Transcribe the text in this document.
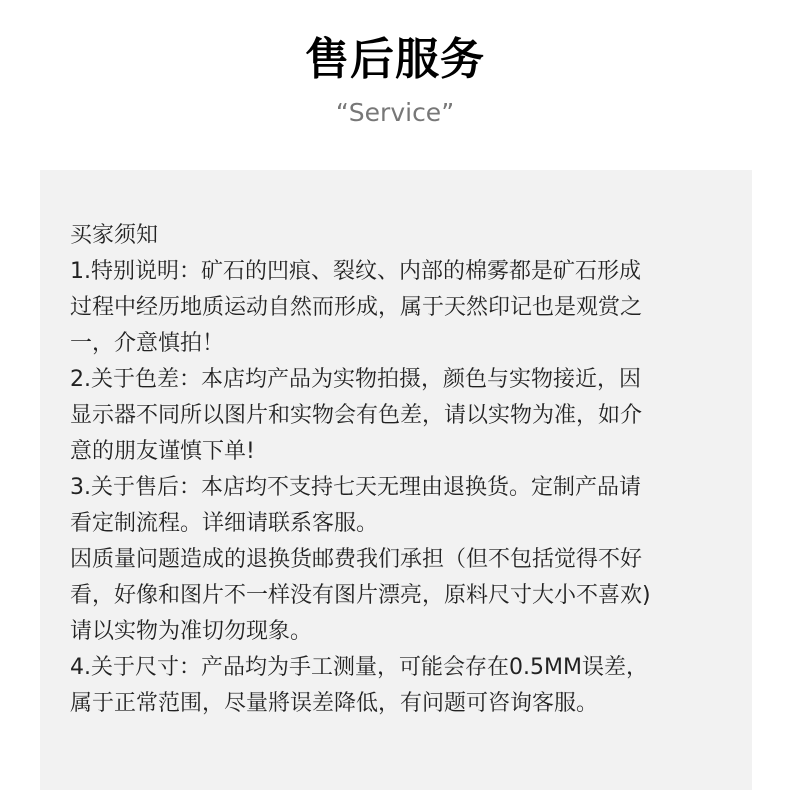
售后服务
“Service”
买家须知
1.特别说明：矿石的凹痕、裂纹、内部的棉雾都是矿石形成
过程中经历地质运动自然而形成，属于天然印记也是观赏之
一，介意慎拍！
2.关于色差：本店均产品为实物拍摄，颜色与实物接近，因
显示器不同所以图片和实物会有色差，请以实物为准，如介
意的朋友谨慎下单!
3.关于售后：本店均不支持七天无理由退换货。定制产品请
看定制流程。详细请联系客服。
因质量问题造成的退换货邮费我们承担（但不包括觉得不好
看，好像和图片不一样没有图片漂亮，原料尺寸大小不喜欢)
请以实物为准切勿现象。
4.关于尺寸：产品均为手工测量，可能会存在0.5MM误差，
属于正常范围，尽量將误差降低，有问题可咨询客服。
